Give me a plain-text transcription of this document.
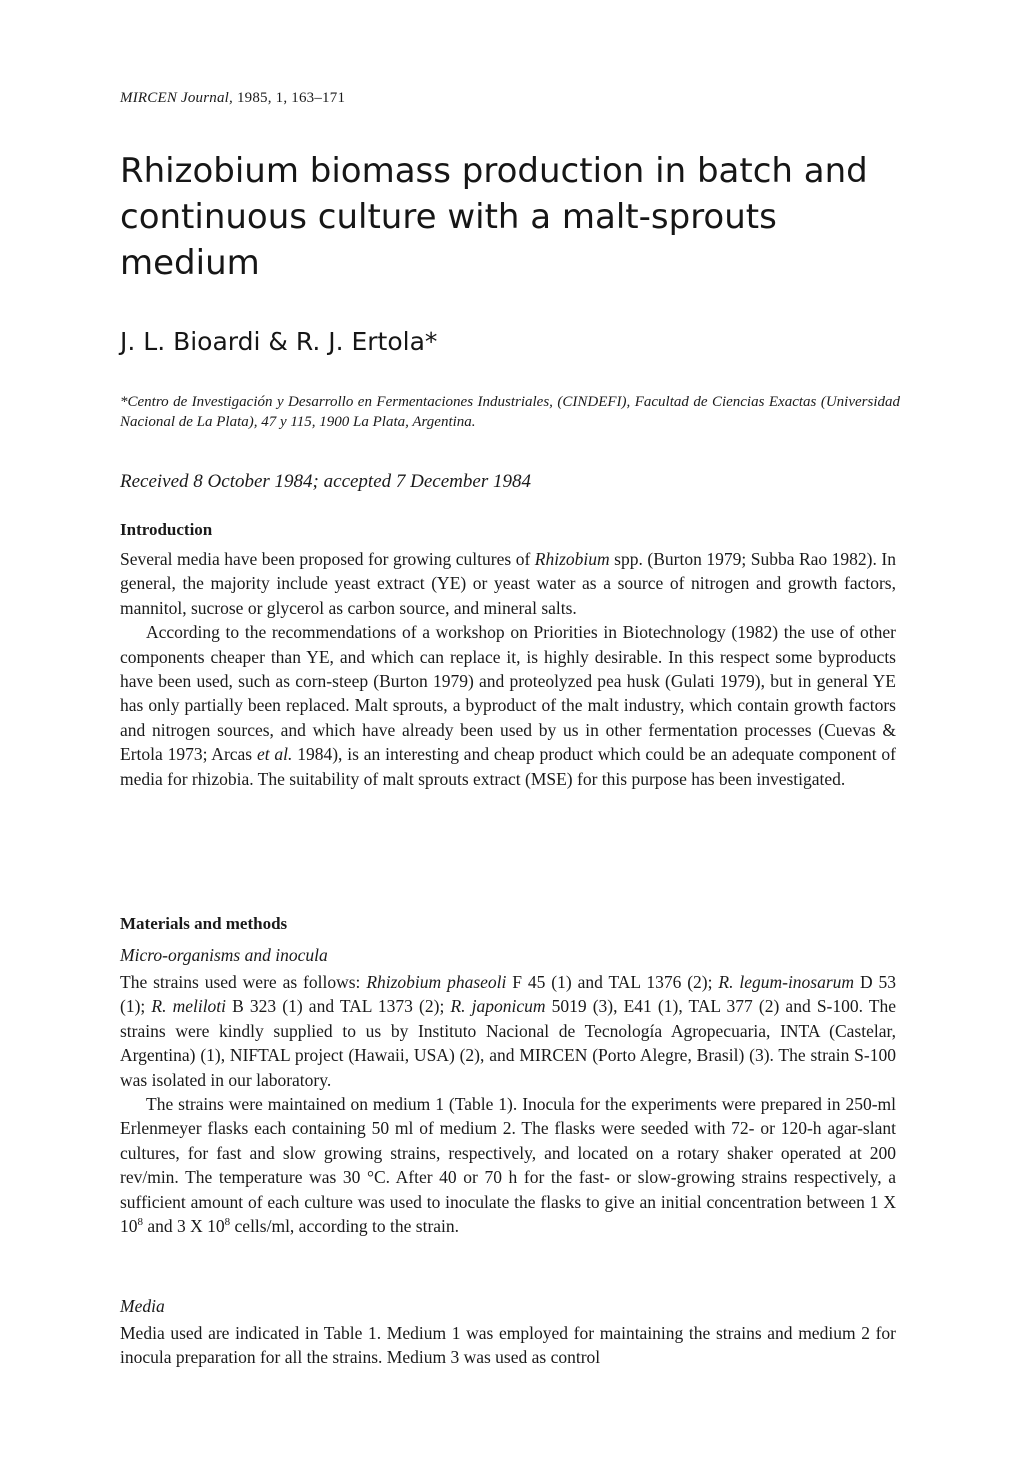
MIRCEN Journal, 1985, 1, 163–171
Rhizobium biomass production in batch and continuous culture with a malt-sprouts medium
J. L. Bioardi & R. J. Ertola*
*Centro de Investigación y Desarrollo en Fermentaciones Industriales, (CINDEFI), Facultad de Ciencias Exactas (Universidad Nacional de La Plata), 47 y 115, 1900 La Plata, Argentina.
Received 8 October 1984; accepted 7 December 1984
Introduction

Several media have been proposed for growing cultures of Rhizobium spp. (Burton 1979; Subba Rao 1982). In general, the majority include yeast extract (YE) or yeast water as a source of nitrogen and growth factors, mannitol, sucrose or glycerol as carbon source, and mineral salts.

According to the recommendations of a workshop on Priorities in Biotechnology (1982) the use of other components cheaper than YE, and which can replace it, is highly desirable. In this respect some byproducts have been used, such as corn-steep (Burton 1979) and proteolyzed pea husk (Gulati 1979), but in general YE has only partially been replaced. Malt sprouts, a byproduct of the malt industry, which contain growth factors and nitrogen sources, and which have already been used by us in other fermentation processes (Cuevas & Ertola 1973; Arcas et al. 1984), is an interesting and cheap product which could be an adequate component of media for rhizobia. The suitability of malt sprouts extract (MSE) for this purpose has been investigated.

Materials and methods
Micro-organisms and inocula

The strains used were as follows: Rhizobium phaseoli F 45 (1) and TAL 1376 (2); R. legum-inosarum D 53 (1); R. meliloti B 323 (1) and TAL 1373 (2); R. japonicum 5019 (3), E41 (1), TAL 377 (2) and S-100. The strains were kindly supplied to us by Instituto Nacional de Tecnología Agropecuaria, INTA (Castelar, Argentina) (1), NIFTAL project (Hawaii, USA) (2), and MIRCEN (Porto Alegre, Brasil) (3). The strain S-100 was isolated in our laboratory.

The strains were maintained on medium 1 (Table 1). Inocula for the experiments were prepared in 250-ml Erlenmeyer flasks each containing 50 ml of medium 2. The flasks were seeded with 72- or 120-h agar-slant cultures, for fast and slow growing strains, respectively, and located on a rotary shaker operated at 200 rev/min. The temperature was 30 °C. After 40 or 70 h for the fast- or slow-growing strains respectively, a sufficient amount of each culture was used to inoculate the flasks to give an initial concentration between 1 X $10^8$ and 3 X $10^8$ cells/ml, according to the strain.

Media

Media used are indicated in Table 1. Medium 1 was employed for maintaining the strains and medium 2 for inocula preparation for all the strains. Medium 3 was used as control
